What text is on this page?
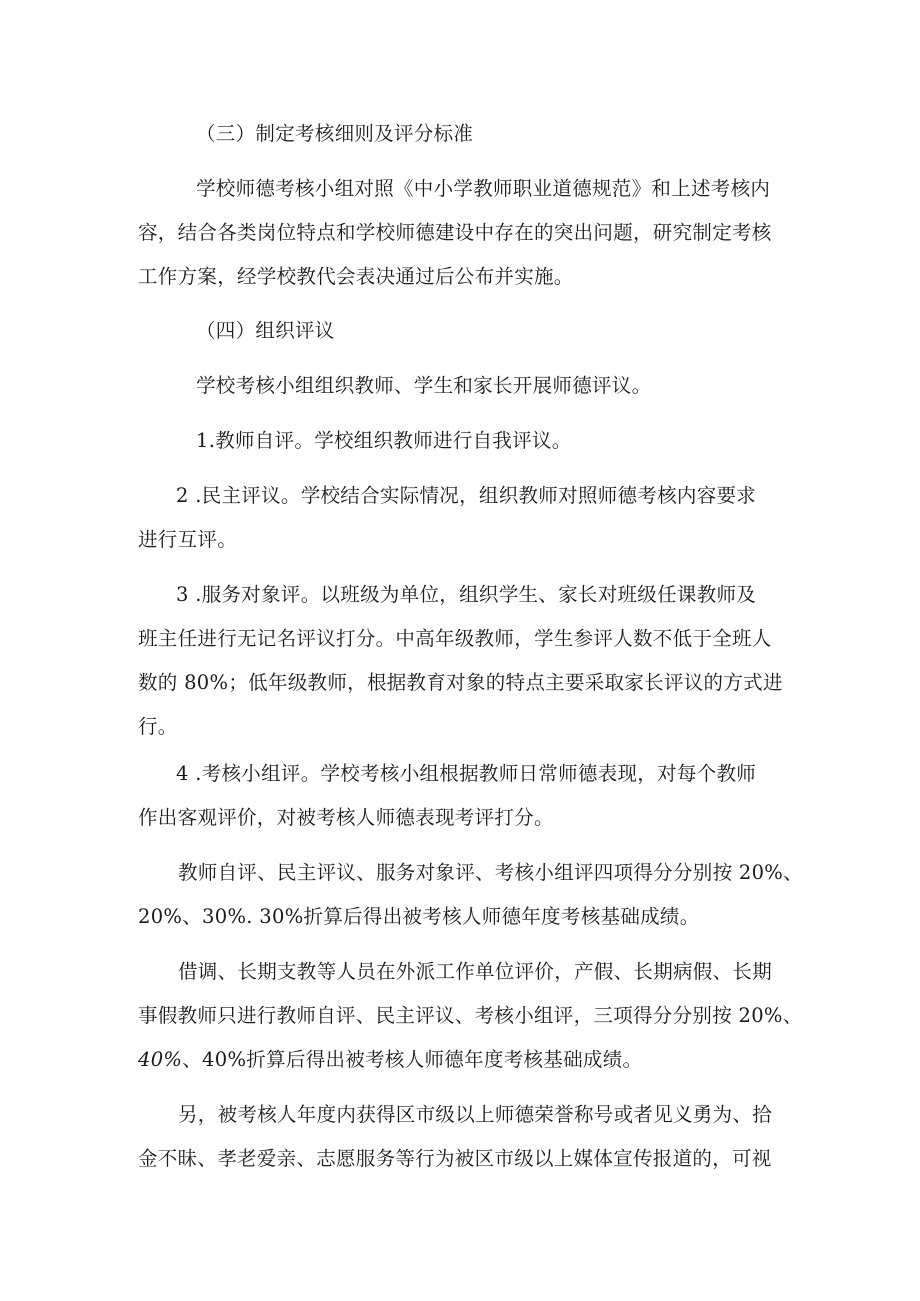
（三）制定考核细则及评分标准

学校师德考核小组对照《中小学教师职业道德规范》和上述考核内
容，结合各类岗位特点和学校师德建设中存在的突出问题，研究制定考核
工作方案，经学校教代会表决通过后公布并实施。

（四）组织评议

学校考核小组组织教师、学生和家长开展师德评议。

1.教师自评。学校组织教师进行自我评议。

2 .民主评议。学校结合实际情况，组织教师对照师德考核内容要求
进行互评。

3 .服务对象评。以班级为单位，组织学生、家长对班级任课教师及
班主任进行无记名评议打分。中高年级教师，学生参评人数不低于全班人
数的 80%；低年级教师，根据教育对象的特点主要采取家长评议的方式进
行。

4 .考核小组评。学校考核小组根据教师日常师德表现，对每个教师
作出客观评价，对被考核人师德表现考评打分。

教师自评、民主评议、服务对象评、考核小组评四项得分分别按 20%、
20%、30%. 30%折算后得出被考核人师德年度考核基础成绩。

借调、长期支教等人员在外派工作单位评价，产假、长期病假、长期
事假教师只进行教师自评、民主评议、考核小组评，三项得分分别按 20%、
40%、40%折算后得出被考核人师德年度考核基础成绩。

另，被考核人年度内获得区市级以上师德荣誉称号或者见义勇为、拾
金不昧、孝老爱亲、志愿服务等行为被区市级以上媒体宣传报道的，可视
